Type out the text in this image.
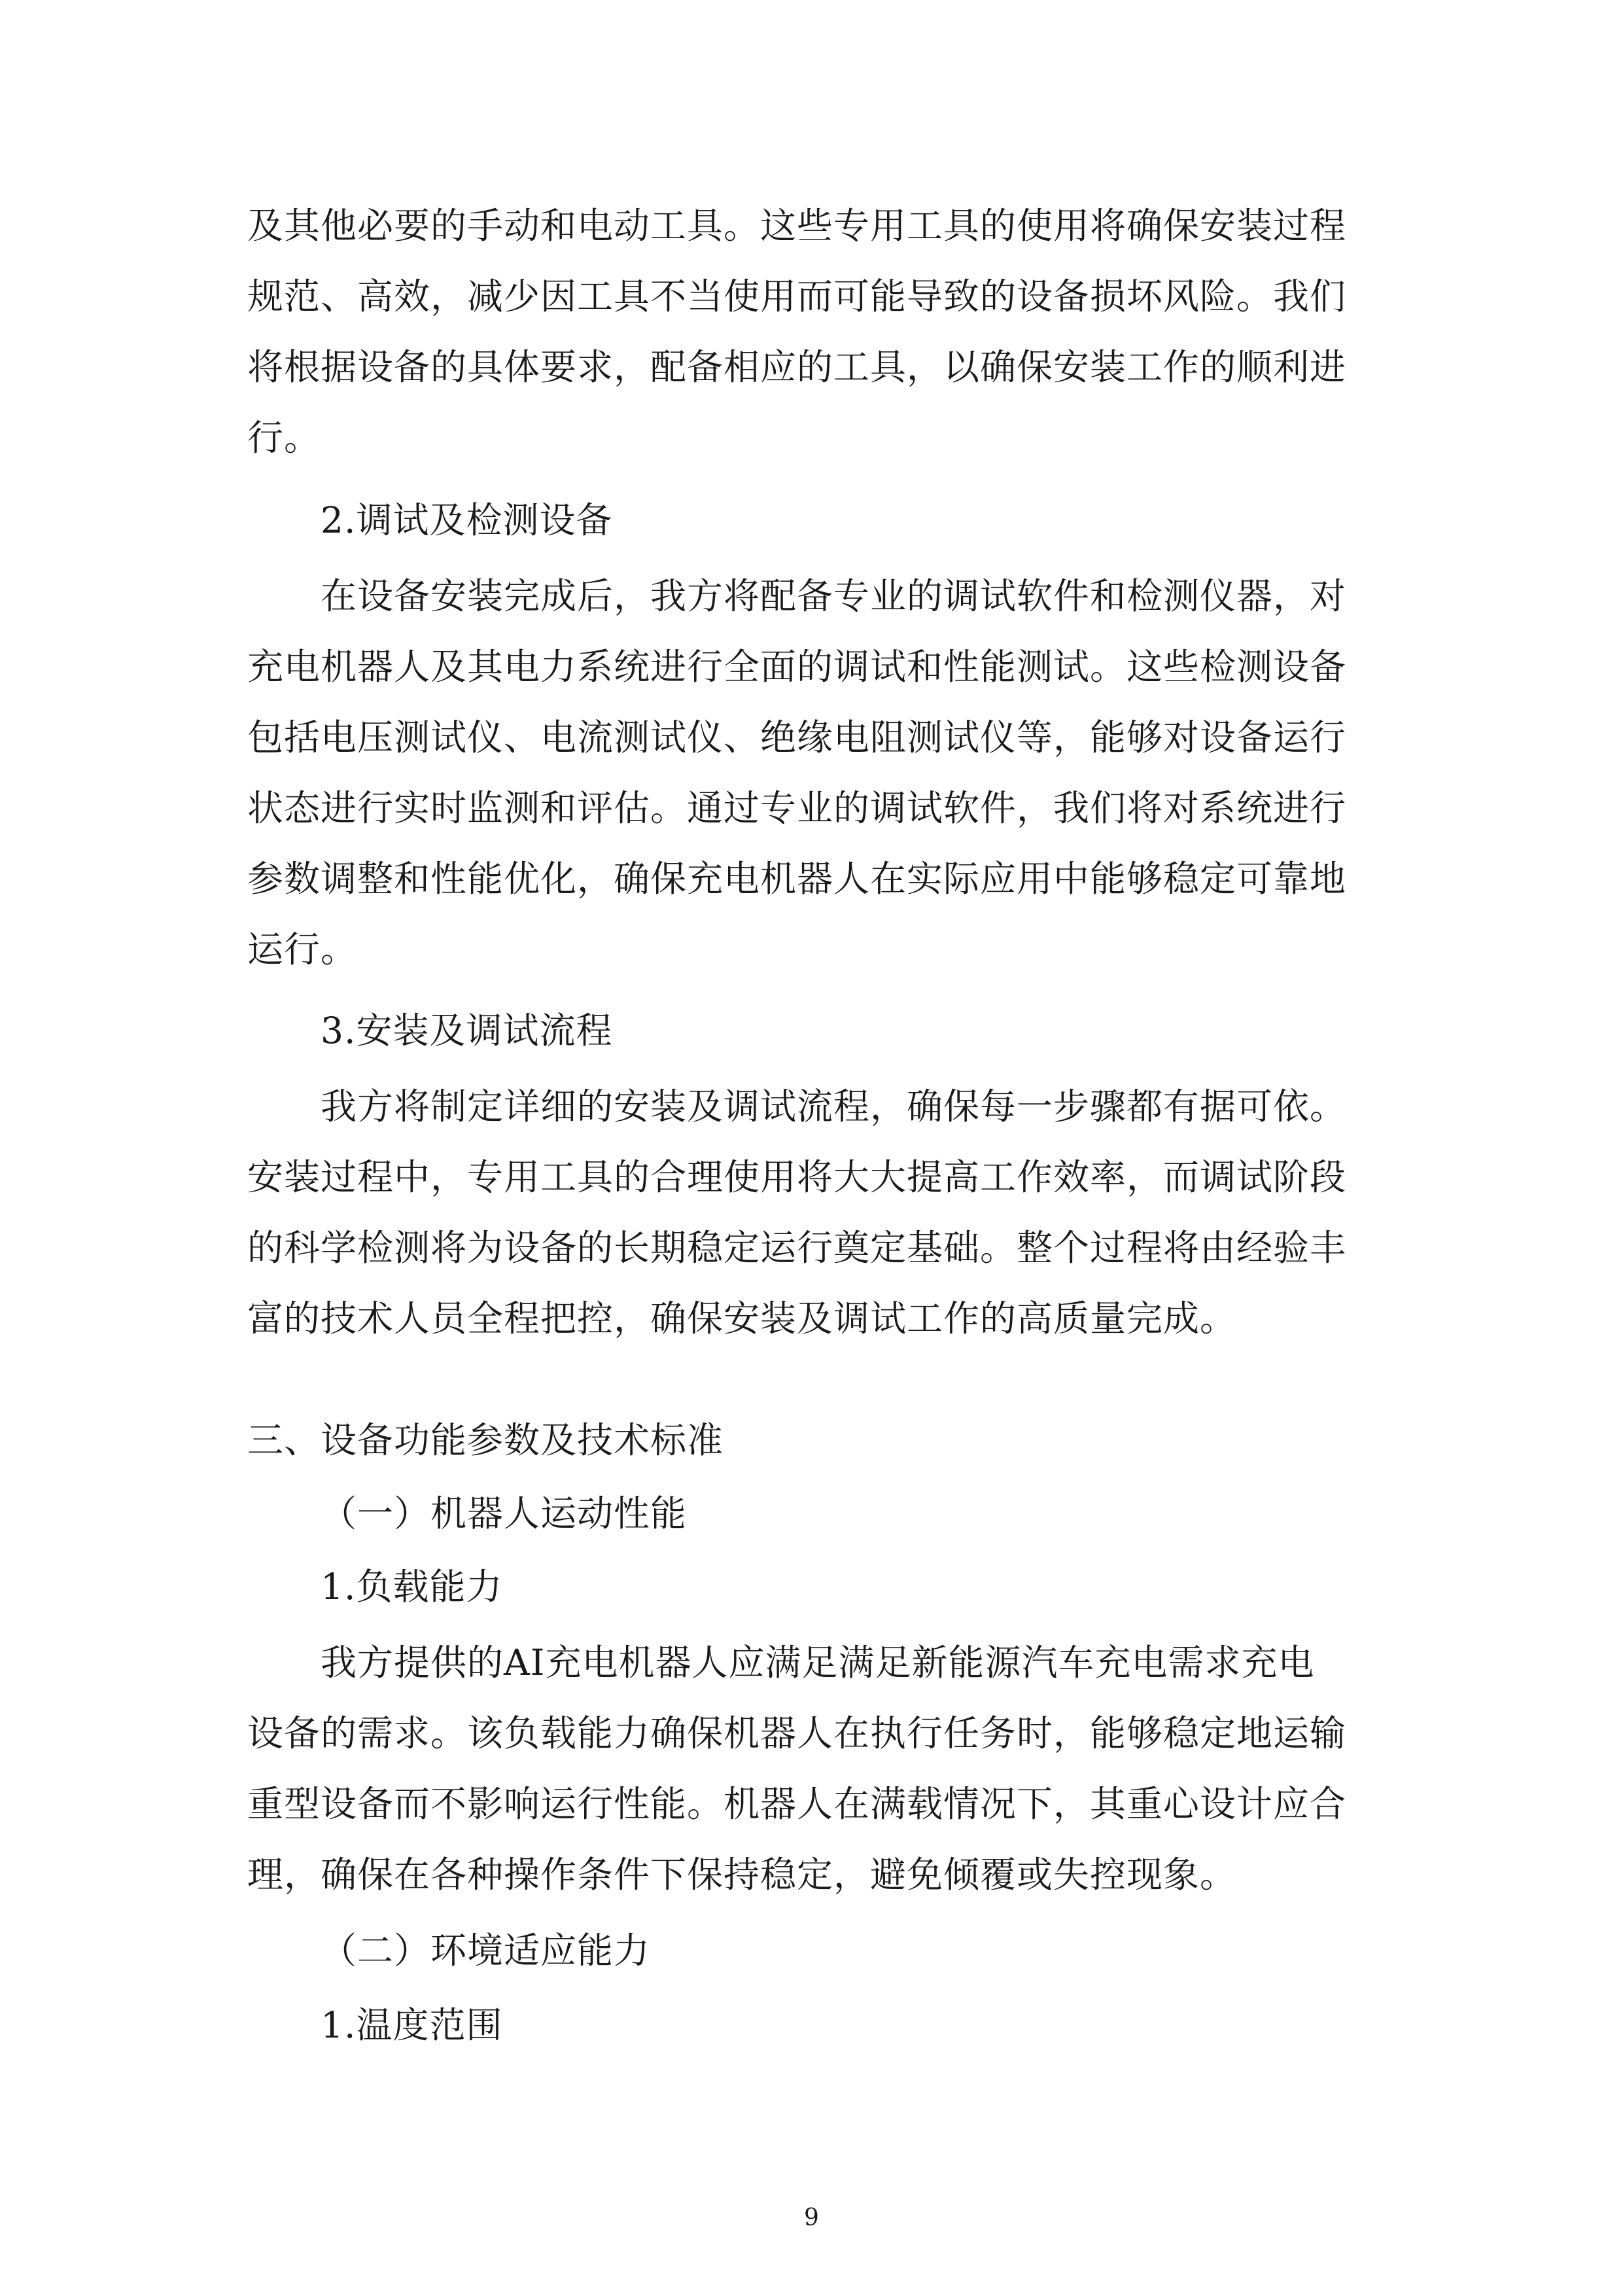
及其他必要的手动和电动工具。这些专用工具的使用将确保安装过程
规范、高效，减少因工具不当使用而可能导致的设备损坏风险。我们
将根据设备的具体要求，配备相应的工具，以确保安装工作的顺利进
行。
2.调试及检测设备
在设备安装完成后，我方将配备专业的调试软件和检测仪器，对
充电机器人及其电力系统进行全面的调试和性能测试。这些检测设备
包括电压测试仪、电流测试仪、绝缘电阻测试仪等，能够对设备运行
状态进行实时监测和评估。通过专业的调试软件，我们将对系统进行
参数调整和性能优化，确保充电机器人在实际应用中能够稳定可靠地
运行。
3.安装及调试流程
我方将制定详细的安装及调试流程，确保每一步骤都有据可依。
安装过程中，专用工具的合理使用将大大提高工作效率，而调试阶段
的科学检测将为设备的长期稳定运行奠定基础。整个过程将由经验丰
富的技术人员全程把控，确保安装及调试工作的高质量完成。
三、设备功能参数及技术标准
（一）机器人运动性能
1.负载能力
我方提供的AI充电机器人应满足满足新能源汽车充电需求充电
设备的需求。该负载能力确保机器人在执行任务时，能够稳定地运输
重型设备而不影响运行性能。机器人在满载情况下，其重心设计应合
理，确保在各种操作条件下保持稳定，避免倾覆或失控现象。
（二）环境适应能力
1.温度范围
9
